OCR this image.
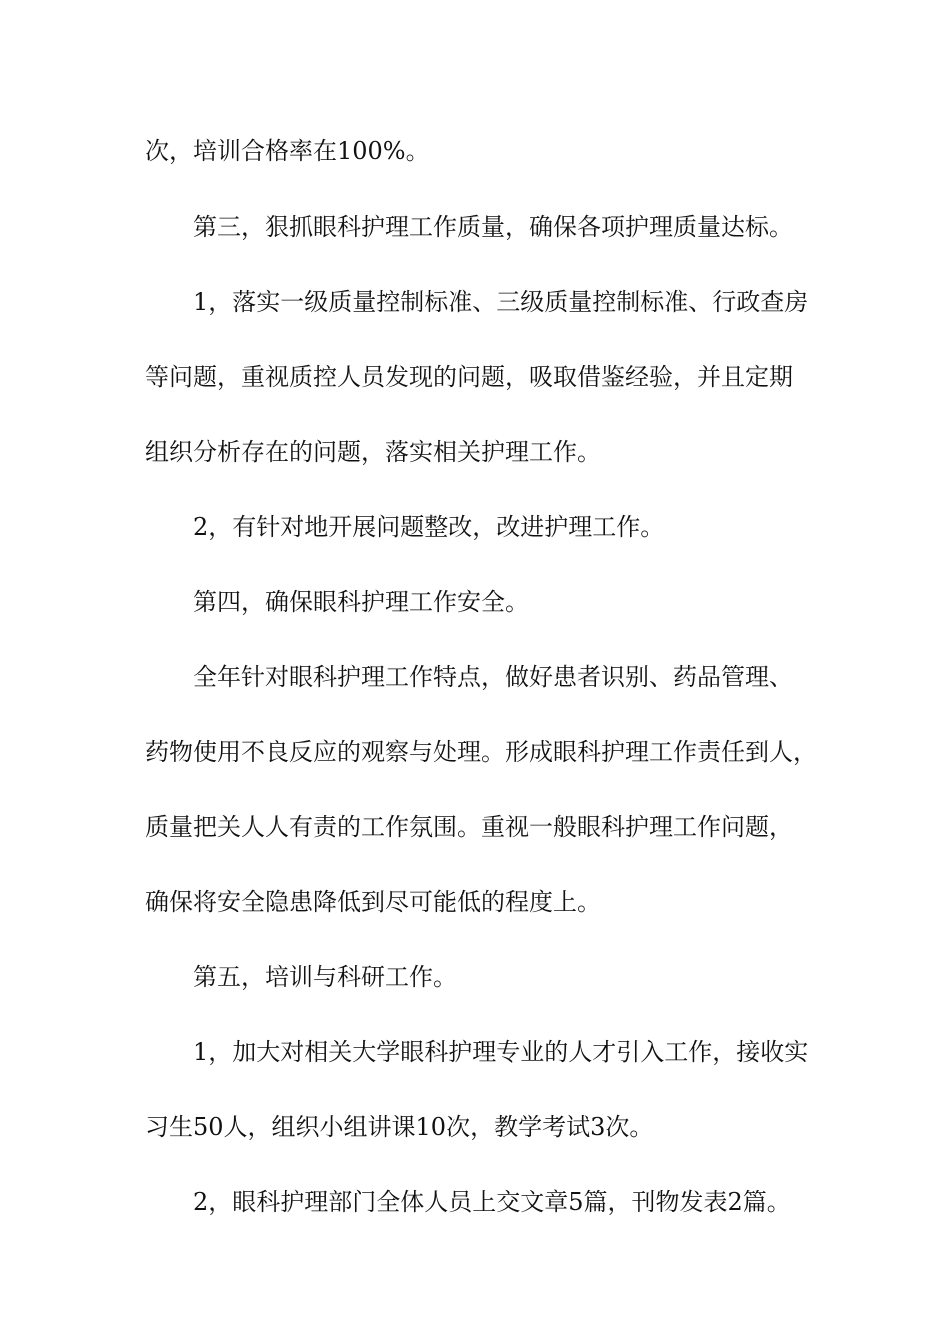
次，培训合格率在100%。

第三，狠抓眼科护理工作质量，确保各项护理质量达标。

1，落实一级质量控制标准、三级质量控制标准、行政查房

等问题，重视质控人员发现的问题，吸取借鉴经验，并且定期

组织分析存在的问题，落实相关护理工作。

2，有针对地开展问题整改，改进护理工作。

第四，确保眼科护理工作安全。

全年针对眼科护理工作特点，做好患者识别、药品管理、

药物使用不良反应的观察与处理。形成眼科护理工作责任到人，

质量把关人人有责的工作氛围。重视一般眼科护理工作问题，

确保将安全隐患降低到尽可能低的程度上。

第五，培训与科研工作。

1，加大对相关大学眼科护理专业的人才引入工作，接收实

习生50人，组织小组讲课10次，教学考试3次。

2，眼科护理部门全体人员上交文章5篇，刊物发表2篇。
